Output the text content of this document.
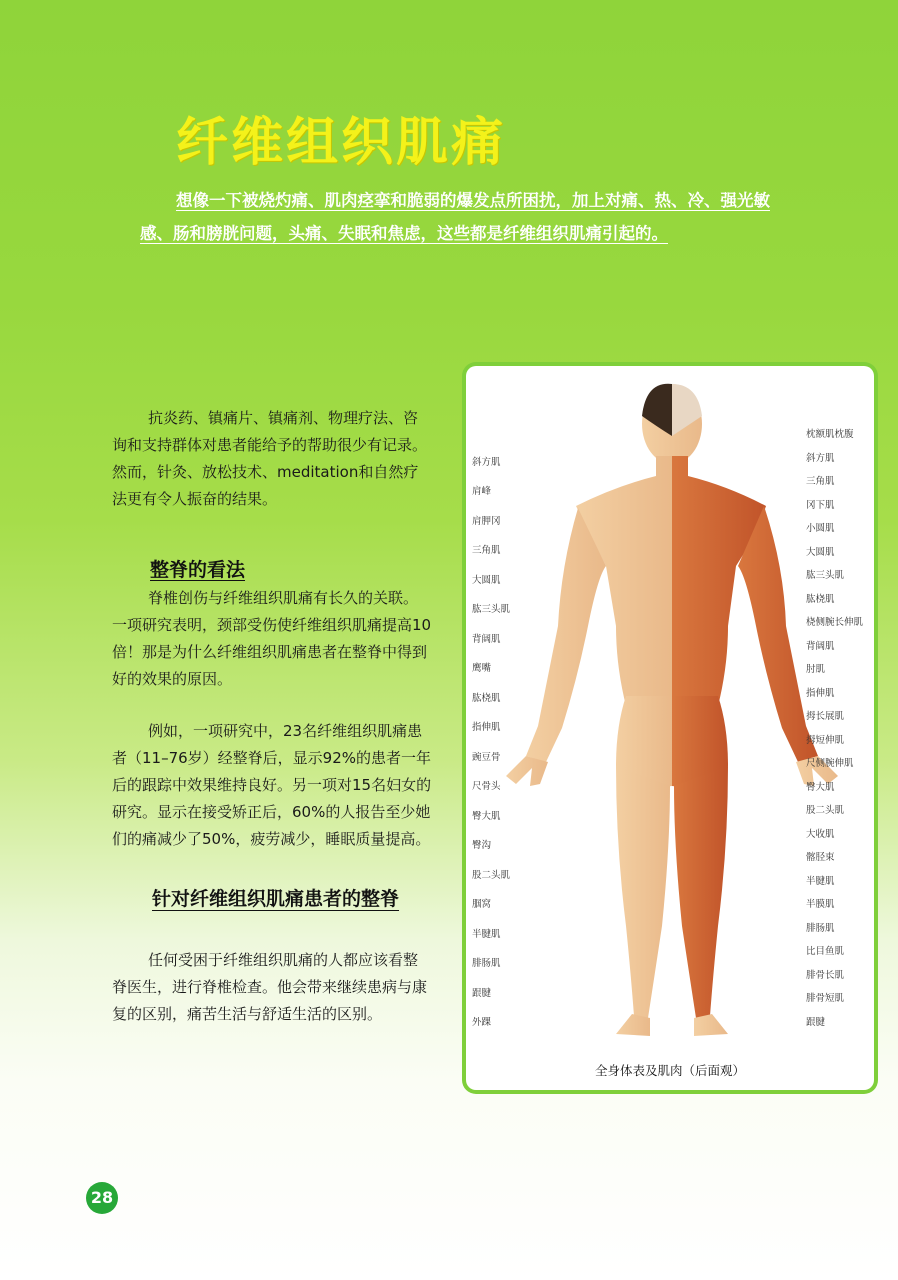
纤维组织肌痛
想像一下被烧灼痛、肌肉痉挛和脆弱的爆发点所困扰，加上对痛、热、冷、强光敏感、肠和膀胱问题，头痛、失眠和焦虑，这些都是纤维组织肌痛引起的。
抗炎药、镇痛片、镇痛剂、物理疗法、咨询和支持群体对患者能给予的帮助很少有记录。然而，针灸、放松技术、meditation和自然疗法更有令人振奋的结果。
整脊的看法
脊椎创伤与纤维组织肌痛有长久的关联。一项研究表明，颈部受伤使纤维组织肌痛提高10倍！那是为什么纤维组织肌痛患者在整脊中得到好的效果的原因。
例如，一项研究中，23名纤维组织肌痛患者（11–76岁）经整脊后，显示92%的患者一年后的跟踪中效果维持良好。另一项对15名妇女的研究。显示在接受矫正后，60%的人报告至少她们的痛减少了50%，疲劳减少，睡眠质量提高。
针对纤维组织肌痛患者的整脊
任何受困于纤维组织肌痛的人都应该看整脊医生，进行脊椎检查。他会带来继续患病与康复的区别，痛苦生活与舒适生活的区别。
全身体表及肌肉（后面观）
斜方肌
肩峰
肩胛冈
三角肌
大圆肌
肱三头肌
背阔肌
鹰嘴
肱桡肌
指伸肌
豌豆骨
尺骨头
臀大肌
臀沟
股二头肌
腘窝
半腱肌
腓肠肌
跟腱
外踝
枕额肌枕腹
斜方肌
三角肌
冈下肌
小圆肌
大圆肌
肱三头肌
肱桡肌
桡侧腕长伸肌
背阔肌
肘肌
指伸肌
拇长展肌
拇短伸肌
尺侧腕伸肌
臀大肌
股二头肌
大收肌
髂胫束
半腱肌
半膜肌
腓肠肌
比目鱼肌
腓骨长肌
腓骨短肌
跟腱
28
